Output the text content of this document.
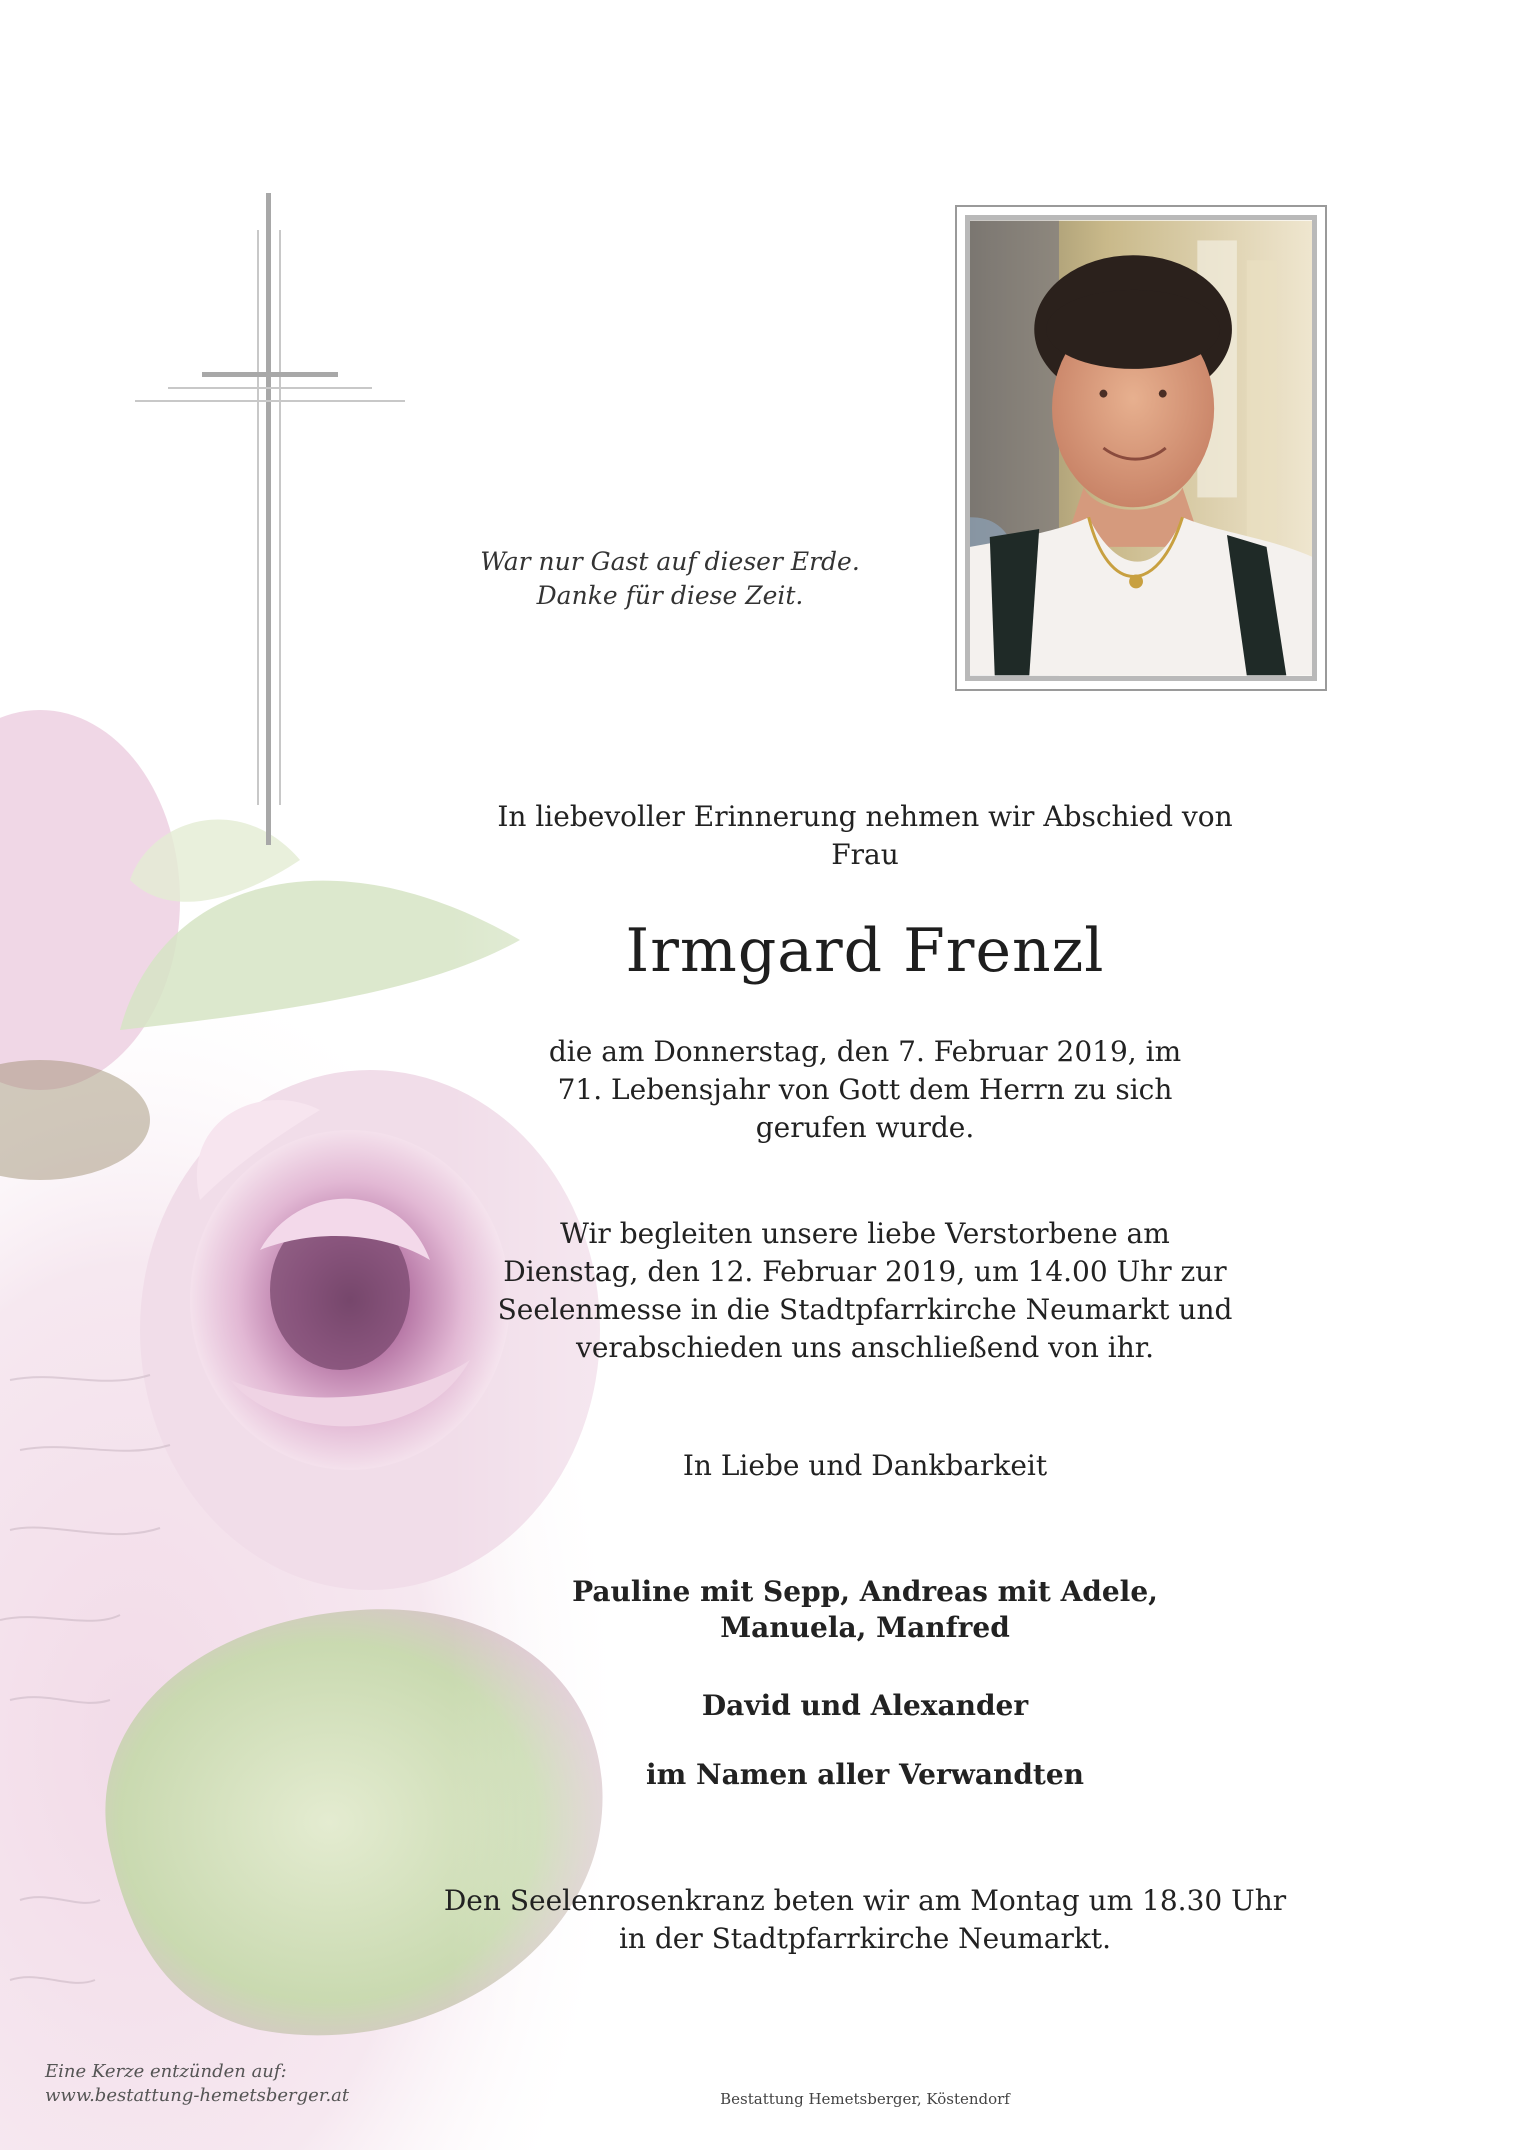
War nur Gast auf dieser Erde.
Danke für diese Zeit.
In liebevoller Erinnerung nehmen wir Abschied von
Frau
Irmgard Frenzl
die am Donnerstag, den 7. Februar 2019, im
71. Lebensjahr von Gott dem Herrn zu sich
gerufen wurde.
Wir begleiten unsere liebe Verstorbene am
Dienstag, den 12. Februar 2019, um 14.00 Uhr zur
Seelenmesse in die Stadtpfarrkirche Neumarkt und
verabschieden uns anschließend von ihr.
In Liebe und Dankbarkeit
Pauline mit Sepp, Andreas mit Adele,
Manuela, Manfred
David und Alexander
im Namen aller Verwandten
Den Seelenrosenkranz beten wir am Montag um 18.30 Uhr
in der Stadtpfarrkirche Neumarkt.
Eine Kerze entzünden auf:
www.bestattung-hemetsberger.at	Bestattung Hemetsberger, Köstendorf
